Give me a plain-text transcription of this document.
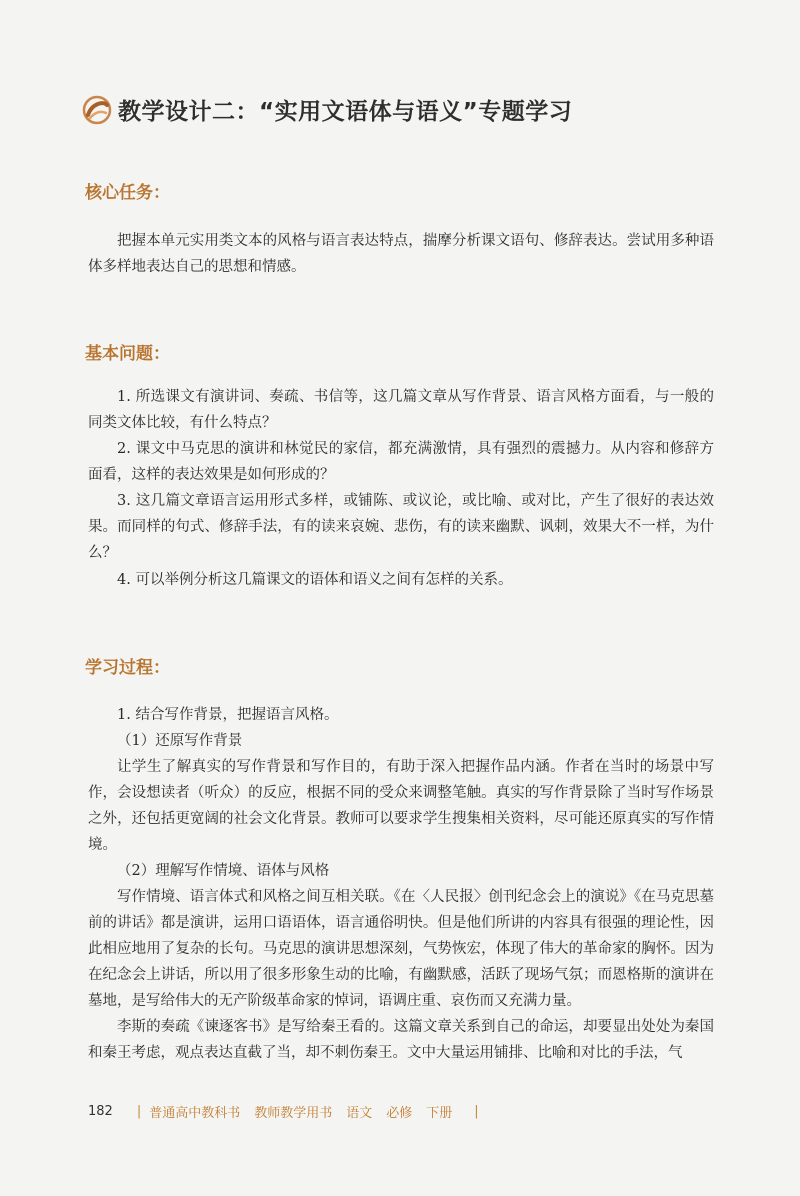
教学设计二：“实用文语体与语义”专题学习
核心任务：

把握本单元实用类文本的风格与语言表达特点，揣摩分析课文语句、修辞表达。尝试用多种语体多样地表达自己的思想和情感。

基本问题：

1. 所选课文有演讲词、奏疏、书信等，这几篇文章从写作背景、语言风格方面看，与一般的同类文体比较，有什么特点？

2. 课文中马克思的演讲和林觉民的家信，都充满激情，具有强烈的震撼力。从内容和修辞方面看，这样的表达效果是如何形成的？

3. 这几篇文章语言运用形式多样，或铺陈、或议论，或比喻、或对比，产生了很好的表达效果。而同样的句式、修辞手法，有的读来哀婉、悲伤，有的读来幽默、讽刺，效果大不一样，为什么？

4. 可以举例分析这几篇课文的语体和语义之间有怎样的关系。

学习过程：

1. 结合写作背景，把握语言风格。

（1）还原写作背景

让学生了解真实的写作背景和写作目的，有助于深入把握作品内涵。作者在当时的场景中写作，会设想读者（听众）的反应，根据不同的受众来调整笔触。真实的写作背景除了当时写作场景之外，还包括更宽阔的社会文化背景。教师可以要求学生搜集相关资料，尽可能还原真实的写作情境。

（2）理解写作情境、语体与风格

写作情境、语言体式和风格之间互相关联。《在〈人民报〉创刊纪念会上的演说》《在马克思墓前的讲话》都是演讲，运用口语语体，语言通俗明快。但是他们所讲的内容具有很强的理论性，因此相应地用了复杂的长句。马克思的演讲思想深刻，气势恢宏，体现了伟大的革命家的胸怀。因为在纪念会上讲话，所以用了很多形象生动的比喻，有幽默感，活跃了现场气氛；而恩格斯的演讲在墓地，是写给伟大的无产阶级革命家的悼词，语调庄重、哀伤而又充满力量。

李斯的奏疏《谏逐客书》是写给秦王看的。这篇文章关系到自己的命运，却要显出处处为秦国和秦王考虑，观点表达直截了当，却不刺伤秦王。文中大量运用铺排、比喻和对比的手法，气

182 | 普通高中教科书 教师教学用书 语文 必修 下册 |
